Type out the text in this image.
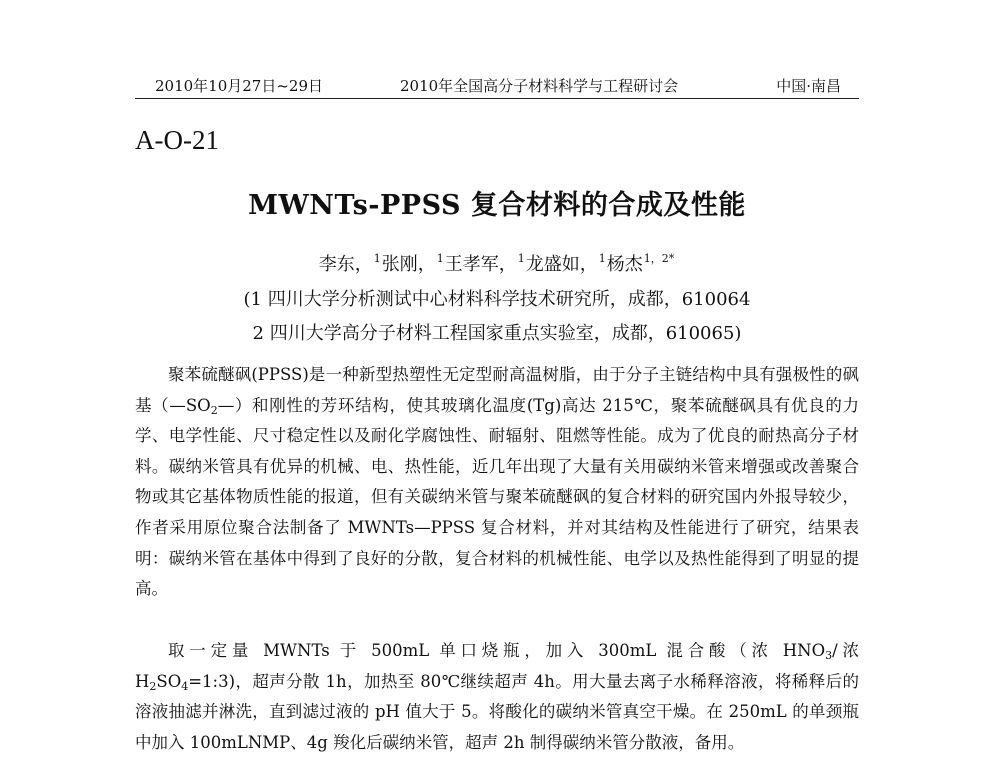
2010年10月27日~29日	2010年全国高分子材料科学与工程研讨会	中国·南昌
A-O-21
MWNTs-PPSS 复合材料的合成及性能
李东，$^1$张刚，$^1$王孝军，$^1$龙盛如，$^1$杨杰$^{1,2*}$
(1 四川大学分析测试中心材料科学技术研究所，成都，610064
2 四川大学高分子材料工程国家重点实验室，成都，610065)

聚苯硫醚砜(PPSS)是一种新型热塑性无定型耐高温树脂，由于分子主链结构中具有强极性的砜基$(—SO_2—)$和刚性的芳环结构，使其玻璃化温度(Tg)高达 215℃，聚苯硫醚砜具有优良的力学、电学性能、尺寸稳定性以及耐化学腐蚀性、耐辐射、阻燃等性能。成为了优良的耐热高分子材料。碳纳米管具有优异的机械、电、热性能，近几年出现了大量有关用碳纳米管来增强或改善聚合物或其它基体物质性能的报道，但有关碳纳米管与聚苯硫醚砜的复合材料的研究国内外报导较少，作者采用原位聚合法制备了 MWNTs—PPSS 复合材料，并对其结构及性能进行了研究，结果表明：碳纳米管在基体中得到了良好的分散，复合材料的机械性能、电学以及热性能得到了明显的提高。

取一定量 MWNTs 于 500mL 单口烧瓶，加入 300mL 混合酸（浓 $HNO_3/$浓 $H_2SO_4=1:3$)，超声分散 1h，加热至 80℃继续超声 4h。用大量去离子水稀释溶液，将稀释后的溶液抽滤并淋洗，直到滤过液的 pH 值大于 5。将酸化的碳纳米管真空干燥。在 250mL 的单颈瓶中加入 100mLNMP、4g 羧化后碳纳米管，超声 2h 制得碳纳米管分散液，备用。
